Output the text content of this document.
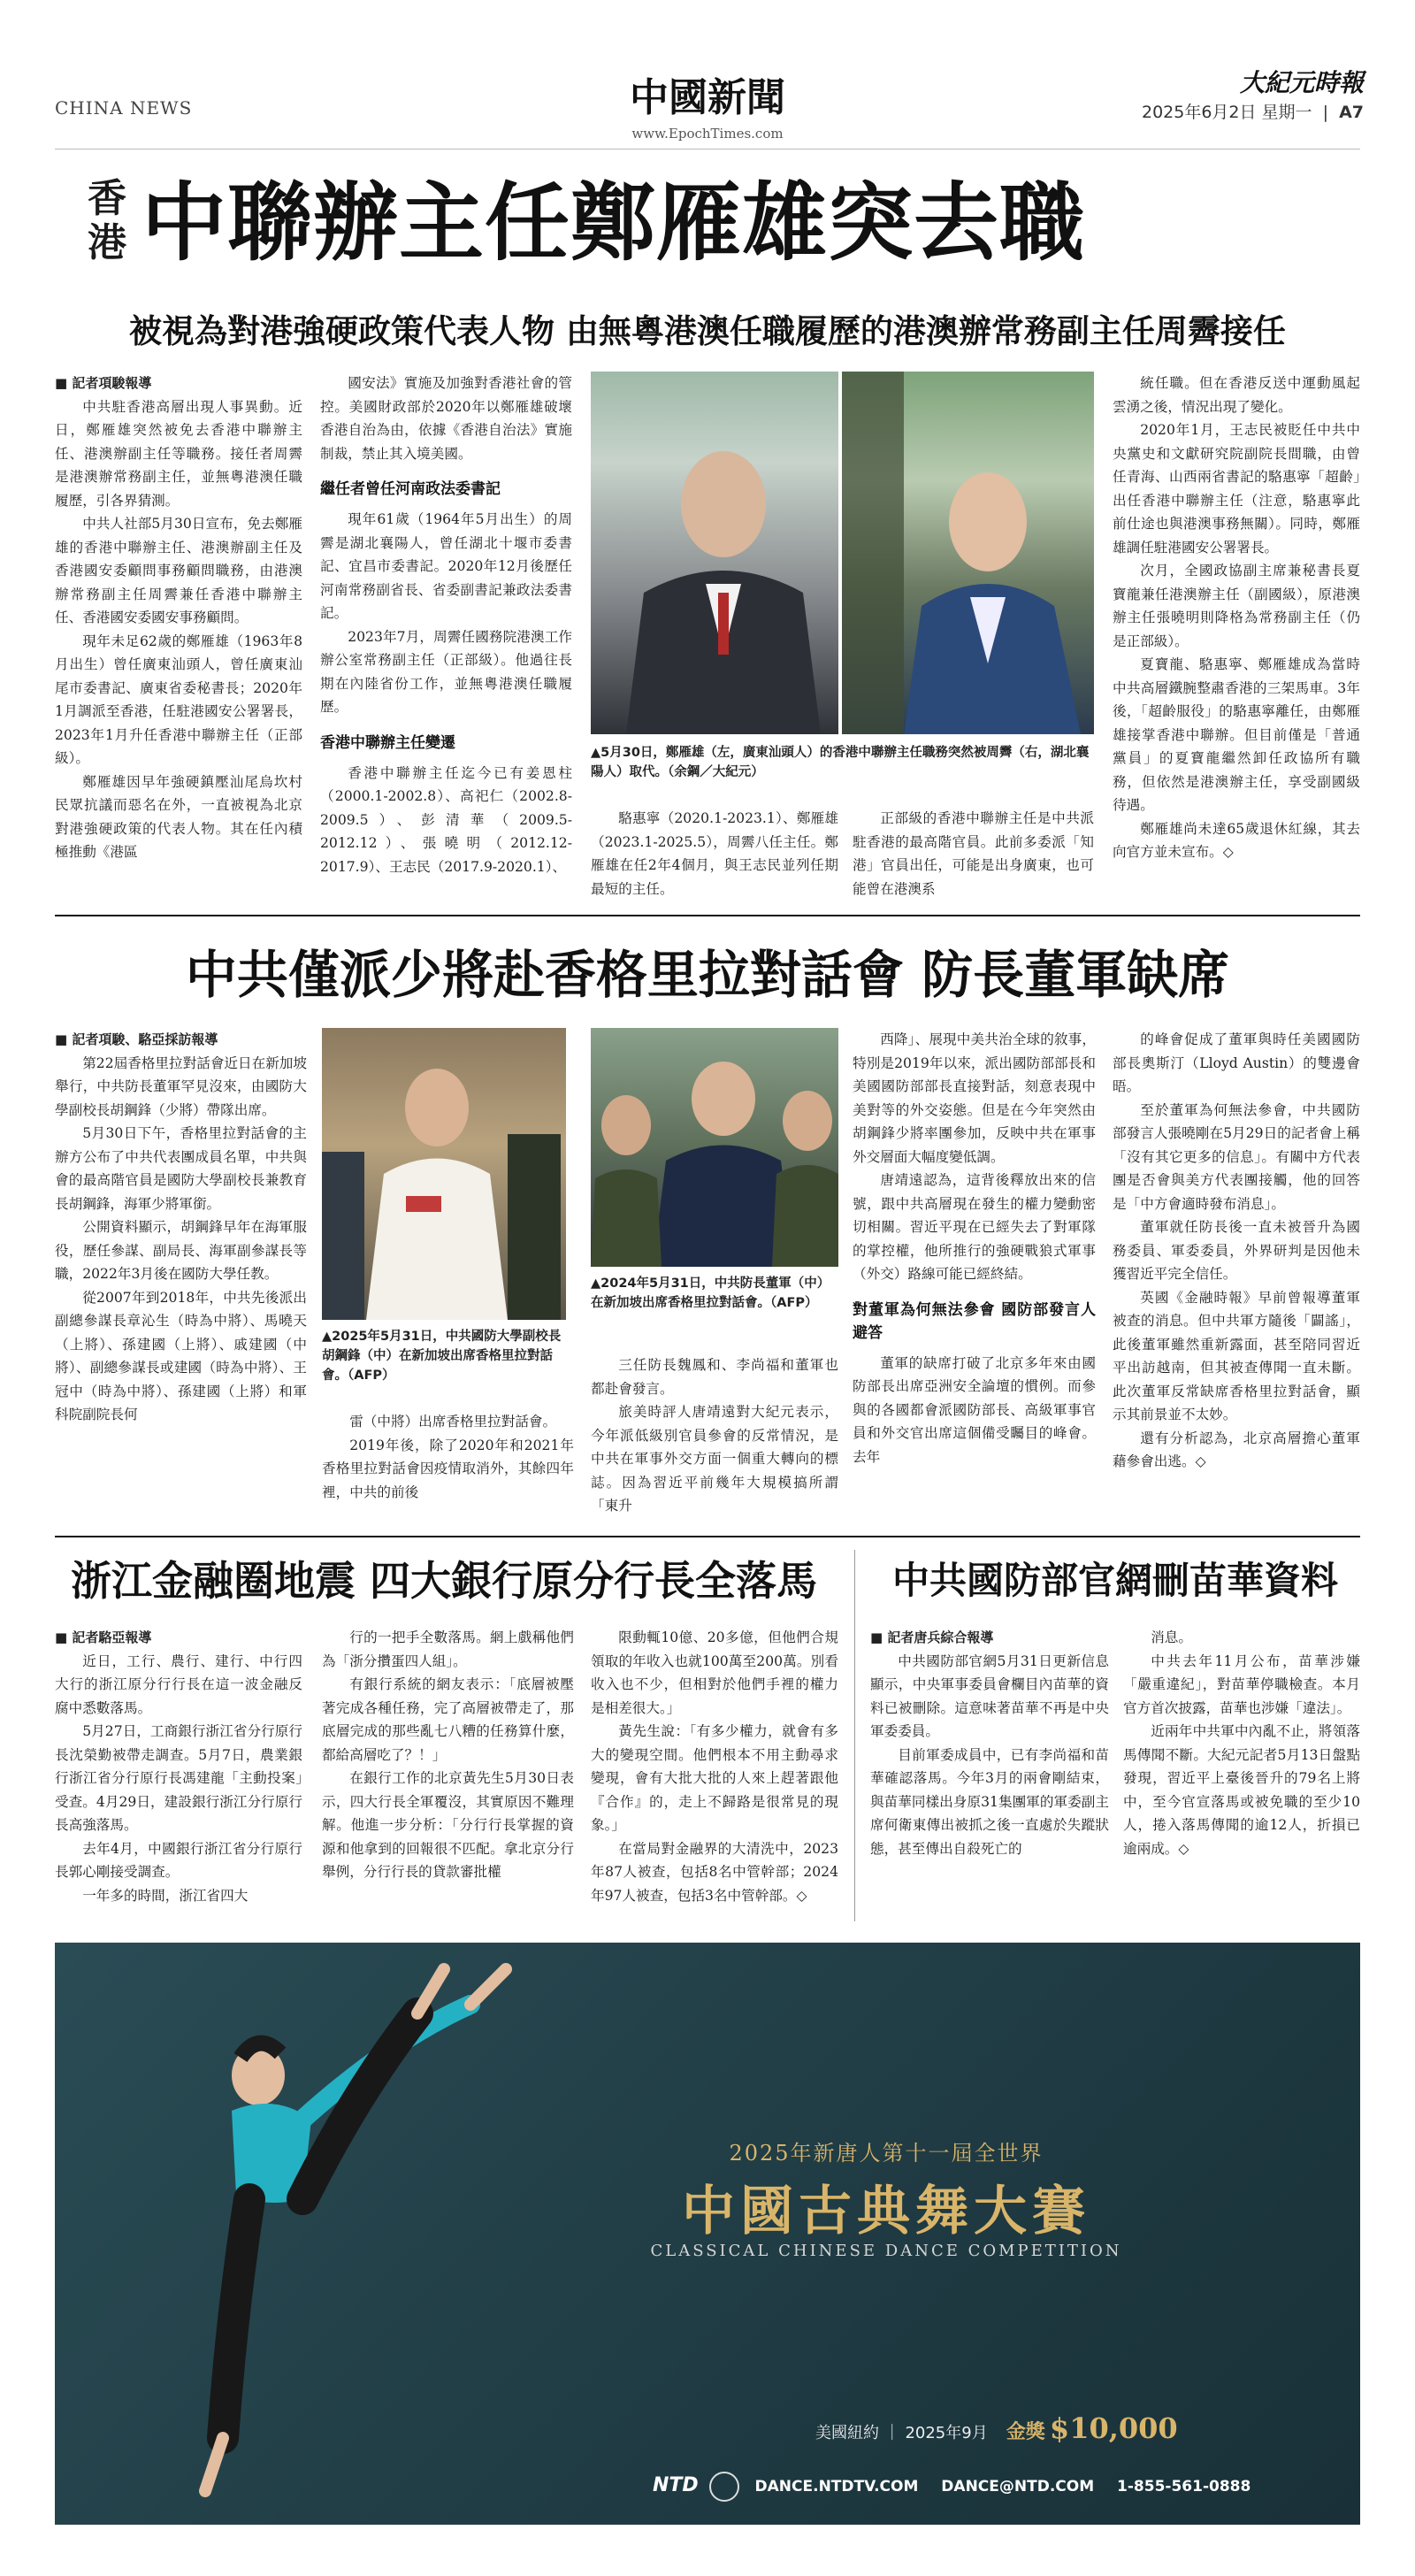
CHINA NEWS	中國新聞
www.EpochTimes.com
大紀元時報
2025年6月2日 星期一 | A7
香
港 中聯辦主任鄭雁雄突去職
被視為對港強硬政策代表人物 由無粵港澳任職履歷的港澳辦常務副主任周霽接任

■ 記者項駿報導

中共駐香港高層出現人事異動。近日，鄭雁雄突然被免去香港中聯辦主任、港澳辦副主任等職務。接任者周霽是港澳辦常務副主任，並無粵港澳任職履歷，引各界猜測。

中共人社部5月30日宣布，免去鄭雁雄的香港中聯辦主任、港澳辦副主任及香港國安委顧問事務顧問職務，由港澳辦常務副主任周霽兼任香港中聯辦主任、香港國安委國安事務顧問。

現年未足62歲的鄭雁雄（1963年8月出生）曾任廣東汕頭人，曾任廣東汕尾市委書記、廣東省委秘書長；2020年1月調派至香港，任駐港國安公署署長，2023年1月升任香港中聯辦主任（正部級）。

鄭雁雄因早年強硬鎮壓汕尾烏坎村民眾抗議而惡名在外，一直被視為北京對港強硬政策的代表人物。其在任內積極推動《港區

國安法》實施及加強對香港社會的管控。美國財政部於2020年以鄭雁雄破壞香港自治為由，依據《香港自治法》實施制裁，禁止其入境美國。

繼任者曾任河南政法委書記

現年61歲（1964年5月出生）的周霽是湖北襄陽人，曾任湖北十堰市委書記、宜昌市委書記。2020年12月後歷任河南常務副省長、省委副書記兼政法委書記。

2023年7月，周霽任國務院港澳工作辦公室常務副主任（正部級）。他過往長期在內陸省份工作，並無粵港澳任職履歷。

香港中聯辦主任變遷

香港中聯辦主任迄今已有姜恩柱（2000.1-2002.8）、高祀仁（2002.8-2009.5）、彭清華（2009.5-2012.12）、張曉明（2012.12-2017.9）、王志民（2017.9-2020.1）、

▲5月30日，鄭雁雄（左，廣東汕頭人）的香港中聯辦主任職務突然被周霽（右，湖北襄陽人）取代。（余鋼／大紀元）

駱惠寧（2020.1-2023.1）、鄭雁雄（2023.1-2025.5），周霽八任主任。鄭雁雄在任2年4個月，與王志民並列任期最短的主任。

正部級的香港中聯辦主任是中共派駐香港的最高階官員。此前多委派「知港」官員出任，可能是出身廣東，也可能曾在港澳系

統任職。但在香港反送中運動風起雲湧之後，情況出現了變化。

2020年1月，王志民被貶任中共中央黨史和文獻研究院副院長間職，由曾任青海、山西兩省書記的駱惠寧「超齡」出任香港中聯辦主任（注意，駱惠寧此前仕途也與港澳事務無關）。同時，鄭雁雄調任駐港國安公署署長。

次月，全國政協副主席兼秘書長夏寶龍兼任港澳辦主任（副國級），原港澳辦主任張曉明則降格為常務副主任（仍是正部級）。

夏寶龍、駱惠寧、鄭雁雄成為當時中共高層鐵腕整肅香港的三架馬車。3年後，「超齡服役」的駱惠寧離任，由鄭雁雄接掌香港中聯辦。但目前僅是「普通黨員」的夏寶龍繼然卸任政協所有職務，但依然是港澳辦主任，享受副國級待遇。

鄭雁雄尚未達65歲退休紅線，其去向官方並未宣布。◇

中共僅派少將赴香格里拉對話會 防長董軍缺席

■ 記者項駿、駱亞採訪報導

第22屆香格里拉對話會近日在新加坡舉行，中共防長董軍罕見沒來，由國防大學副校長胡鋼鋒（少將）帶隊出席。

5月30日下午，香格里拉對話會的主辦方公布了中共代表團成員名單，中共與會的最高階官員是國防大學副校長兼教育長胡鋼鋒，海軍少將軍銜。

公開資料顯示，胡鋼鋒早年在海軍服役，歷任參謀、副局長、海軍副參謀長等職，2022年3月後在國防大學任教。

從2007年到2018年，中共先後派出副總參謀長章沁生（時為中將）、馬曉天（上將）、孫建國（上將）、戚建國（中將）、副總參謀長或建國（時為中將）、王冠中（時為中將）、孫建國（上將）和軍科院副院長何

▲2025年5月31日，中共國防大學副校長胡鋼鋒（中）在新加坡出席香格里拉對話會。（AFP）

雷（中將）出席香格里拉對話會。

2019年後，除了2020年和2021年香格里拉對話會因疫情取消外，其餘四年裡，中共的前後

▲2024年5月31日，中共防長董軍（中）在新加坡出席香格里拉對話會。（AFP）

三任防長魏鳳和、李尚福和董軍也都赴會發言。

旅美時評人唐靖遠對大紀元表示，今年派低級別官員參會的反常情況，是中共在軍事外交方面一個重大轉向的標誌。因為習近平前幾年大規模搞所謂「東升

西降」、展現中美共治全球的敘事，特別是2019年以來，派出國防部部長和美國國防部部長直接對話，刻意表現中美對等的外交姿態。但是在今年突然由胡鋼鋒少將率團參加，反映中共在軍事外交層面大幅度變低調。

唐靖遠認為，這背後釋放出來的信號，跟中共高層現在發生的權力變動密切相關。習近平現在已經失去了對軍隊的掌控權，他所推行的強硬戰狼式軍事（外交）路線可能已經終結。

對董軍為何無法參會 國防部發言人避答

董軍的缺席打破了北京多年來由國防部長出席亞洲安全論壇的慣例。而參與的各國都會派國防部長、高級軍事官員和外交官出席這個備受矚目的峰會。去年

的峰會促成了董軍與時任美國國防部長奧斯汀（Lloyd Austin）的雙邊會晤。

至於董軍為何無法參會，中共國防部發言人張曉剛在5月29日的記者會上稱「沒有其它更多的信息」。有關中方代表團是否會與美方代表團接觸，他的回答是「中方會適時發布消息」。

董軍就任防長後一直未被晉升為國務委員、軍委委員，外界研判是因他未獲習近平完全信任。

英國《金融時報》早前曾報導董軍被查的消息。但中共軍方隨後「闢謠」，此後董軍雖然重新露面，甚至陪同習近平出訪越南，但其被查傳聞一直未斷。此次董軍反常缺席香格里拉對話會，顯示其前景並不太妙。

還有分析認為，北京高層擔心董軍藉參會出逃。◇

浙江金融圈地震 四大銀行原分行長全落馬

■ 記者駱亞報導

近日，工行、農行、建行、中行四大行的浙江原分行行長在這一波金融反腐中悉數落馬。

5月27日，工商銀行浙江省分行原行長沈榮勤被帶走調查。5月7日，農業銀行浙江省分行原行長馮建龍「主動投案」受查。4月29日，建設銀行浙江分行原行長高強落馬。

去年4月，中國銀行浙江省分行原行長郭心剛接受調查。

一年多的時間，浙江省四大

行的一把手全數落馬。網上戲稱他們為「浙分攢蛋四人組」。

有銀行系統的網友表示：「底層被壓著完成各種任務，完了高層被帶走了，那底層完成的那些亂七八糟的任務算什麼，都給高層吃了？！」

在銀行工作的北京黃先生5月30日表示，四大行長全軍覆沒，其實原因不難理解。他進一步分析：「分行行長掌握的資源和他拿到的回報很不匹配。拿北京分行舉例，分行行長的貸款審批權

限動輒10億、20多億，但他們合規領取的年收入也就100萬至200萬。別看收入也不少，但相對於他們手裡的權力是相差很大。」

黃先生說：「有多少權力，就會有多大的變現空間。他們根本不用主動尋求變現，會有大批大批的人來上趕著跟他『合作』的，走上不歸路是很常見的現象。」

在當局對金融界的大清洗中，2023年87人被查，包括8名中管幹部；2024年97人被查，包括3名中管幹部。◇

中共國防部官網刪苗華資料

■ 記者唐兵綜合報導

中共國防部官網5月31日更新信息顯示，中央軍事委員會欄目內苗華的資料已被刪除。這意味著苗華不再是中央軍委委員。

目前軍委成員中，已有李尚福和苗華確認落馬。今年3月的兩會剛結束，與苗華同樣出身原31集團軍的軍委副主席何衛東傳出被抓之後一直處於失蹤狀態，甚至傳出自殺死亡的

消息。

中共去年11月公布，苗華涉嫌「嚴重違紀」，對苗華停職檢查。本月官方首次披露，苗華也涉嫌「違法」。

近兩年中共軍中內亂不止，將領落馬傳聞不斷。大紀元記者5月13日盤點發現，習近平上臺後晉升的79名上將中，至今官宣落馬或被免職的至少10人，捲入落馬傳聞的逾12人，折損已逾兩成。◇

2025年新唐人第十一屆全世界
中國古典舞大賽
CLASSICAL CHINESE DANCE COMPETITION
美國紐約 ｜ 2025年9月 金獎 $10,000
NTD	DANCE.NTDTV.COM DANCE@NTD.COM 1-855-561-0888
